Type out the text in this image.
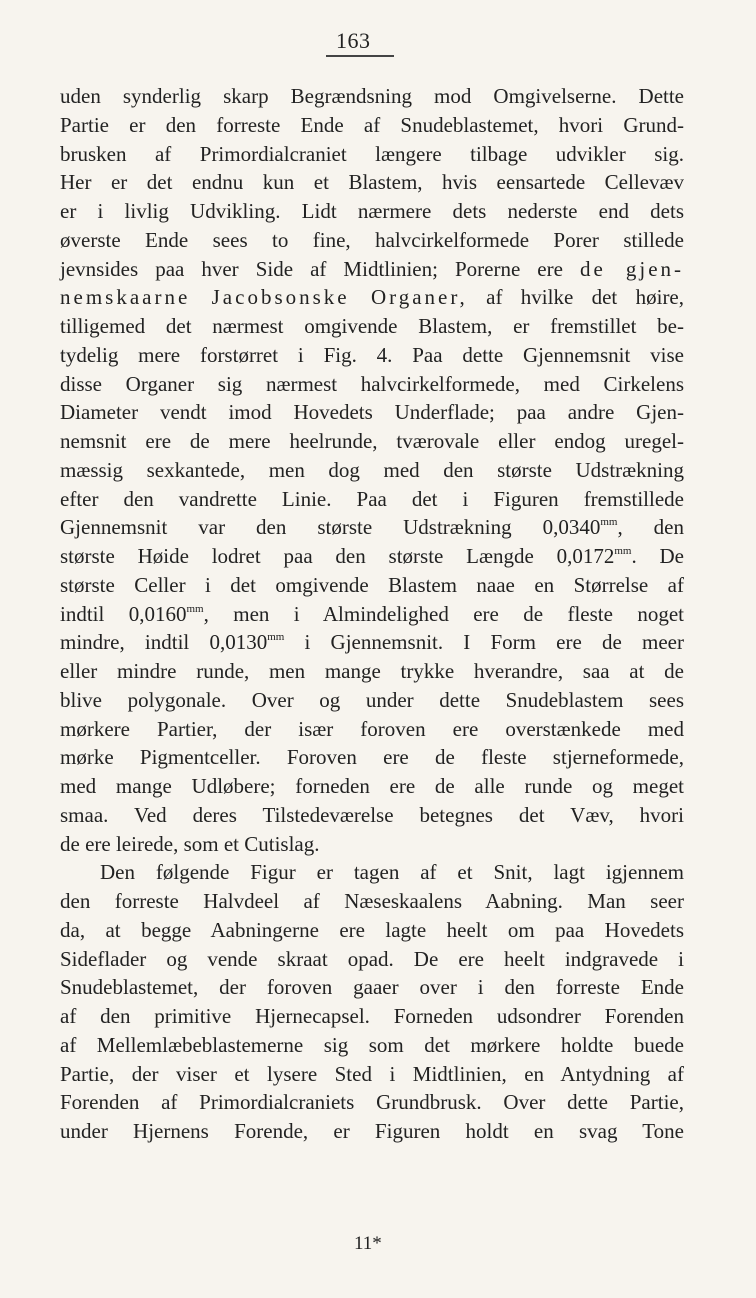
163
uden synderlig skarp Begrændsning mod Omgivelserne. Dette
Partie er den forreste Ende af Snudeblastemet, hvori Grund-
brusken af Primordialcraniet længere tilbage udvikler sig.
Her er det endnu kun et Blastem, hvis eensartede Cellevæv
er i livlig Udvikling. Lidt nærmere dets nederste end dets
øverste Ende sees to fine, halvcirkelformede Porer stillede
jevnsides paa hver Side af Midtlinien; Porerne ere de gjen-
nemskaarne Jacobsonske Organer, af hvilke det høire,
tilligemed det nærmest omgivende Blastem, er fremstillet be-
tydelig mere forstørret i Fig. 4. Paa dette Gjennemsnit vise
disse Organer sig nærmest halvcirkelformede, med Cirkelens
Diameter vendt imod Hovedets Underflade; paa andre Gjen-
nemsnit ere de mere heelrunde, tværovale eller endog uregel-
mæssig sexkantede, men dog med den største Udstrækning
efter den vandrette Linie. Paa det i Figuren fremstillede
Gjennemsnit var den største Udstrækning $0,0340^{mm}$, den
største Høide lodret paa den største Længde $0,0172^{mm}$. De
største Celler i det omgivende Blastem naae en Størrelse af
indtil $0,0160^{mm}$, men i Almindelighed ere de fleste noget
mindre, indtil $0,0130^{mm}$ i Gjennemsnit. I Form ere de meer
eller mindre runde, men mange trykke hverandre, saa at de
blive polygonale. Over og under dette Snudeblastem sees
mørkere Partier, der især foroven ere overstænkede med
mørke Pigmentceller. Foroven ere de fleste stjerneformede,
med mange Udløbere; forneden ere de alle runde og meget
smaa. Ved deres Tilstedeværelse betegnes det Væv, hvori
de ere leirede, som et Cutislag.
Den følgende Figur er tagen af et Snit, lagt igjennem
den forreste Halvdeel af Næseskaalens Aabning. Man seer
da, at begge Aabningerne ere lagte heelt om paa Hovedets
Sideflader og vende skraat opad. De ere heelt indgravede i
Snudeblastemet, der foroven gaaer over i den forreste Ende
af den primitive Hjernecapsel. Forneden udsondrer Forenden
af Mellemlæbeblastemerne sig som det mørkere holdte buede
Partie, der viser et lysere Sted i Midtlinien, en Antydning af
Forenden af Primordialcraniets Grundbrusk. Over dette Partie,
under Hjernens Forende, er Figuren holdt en svag Tone
11*
